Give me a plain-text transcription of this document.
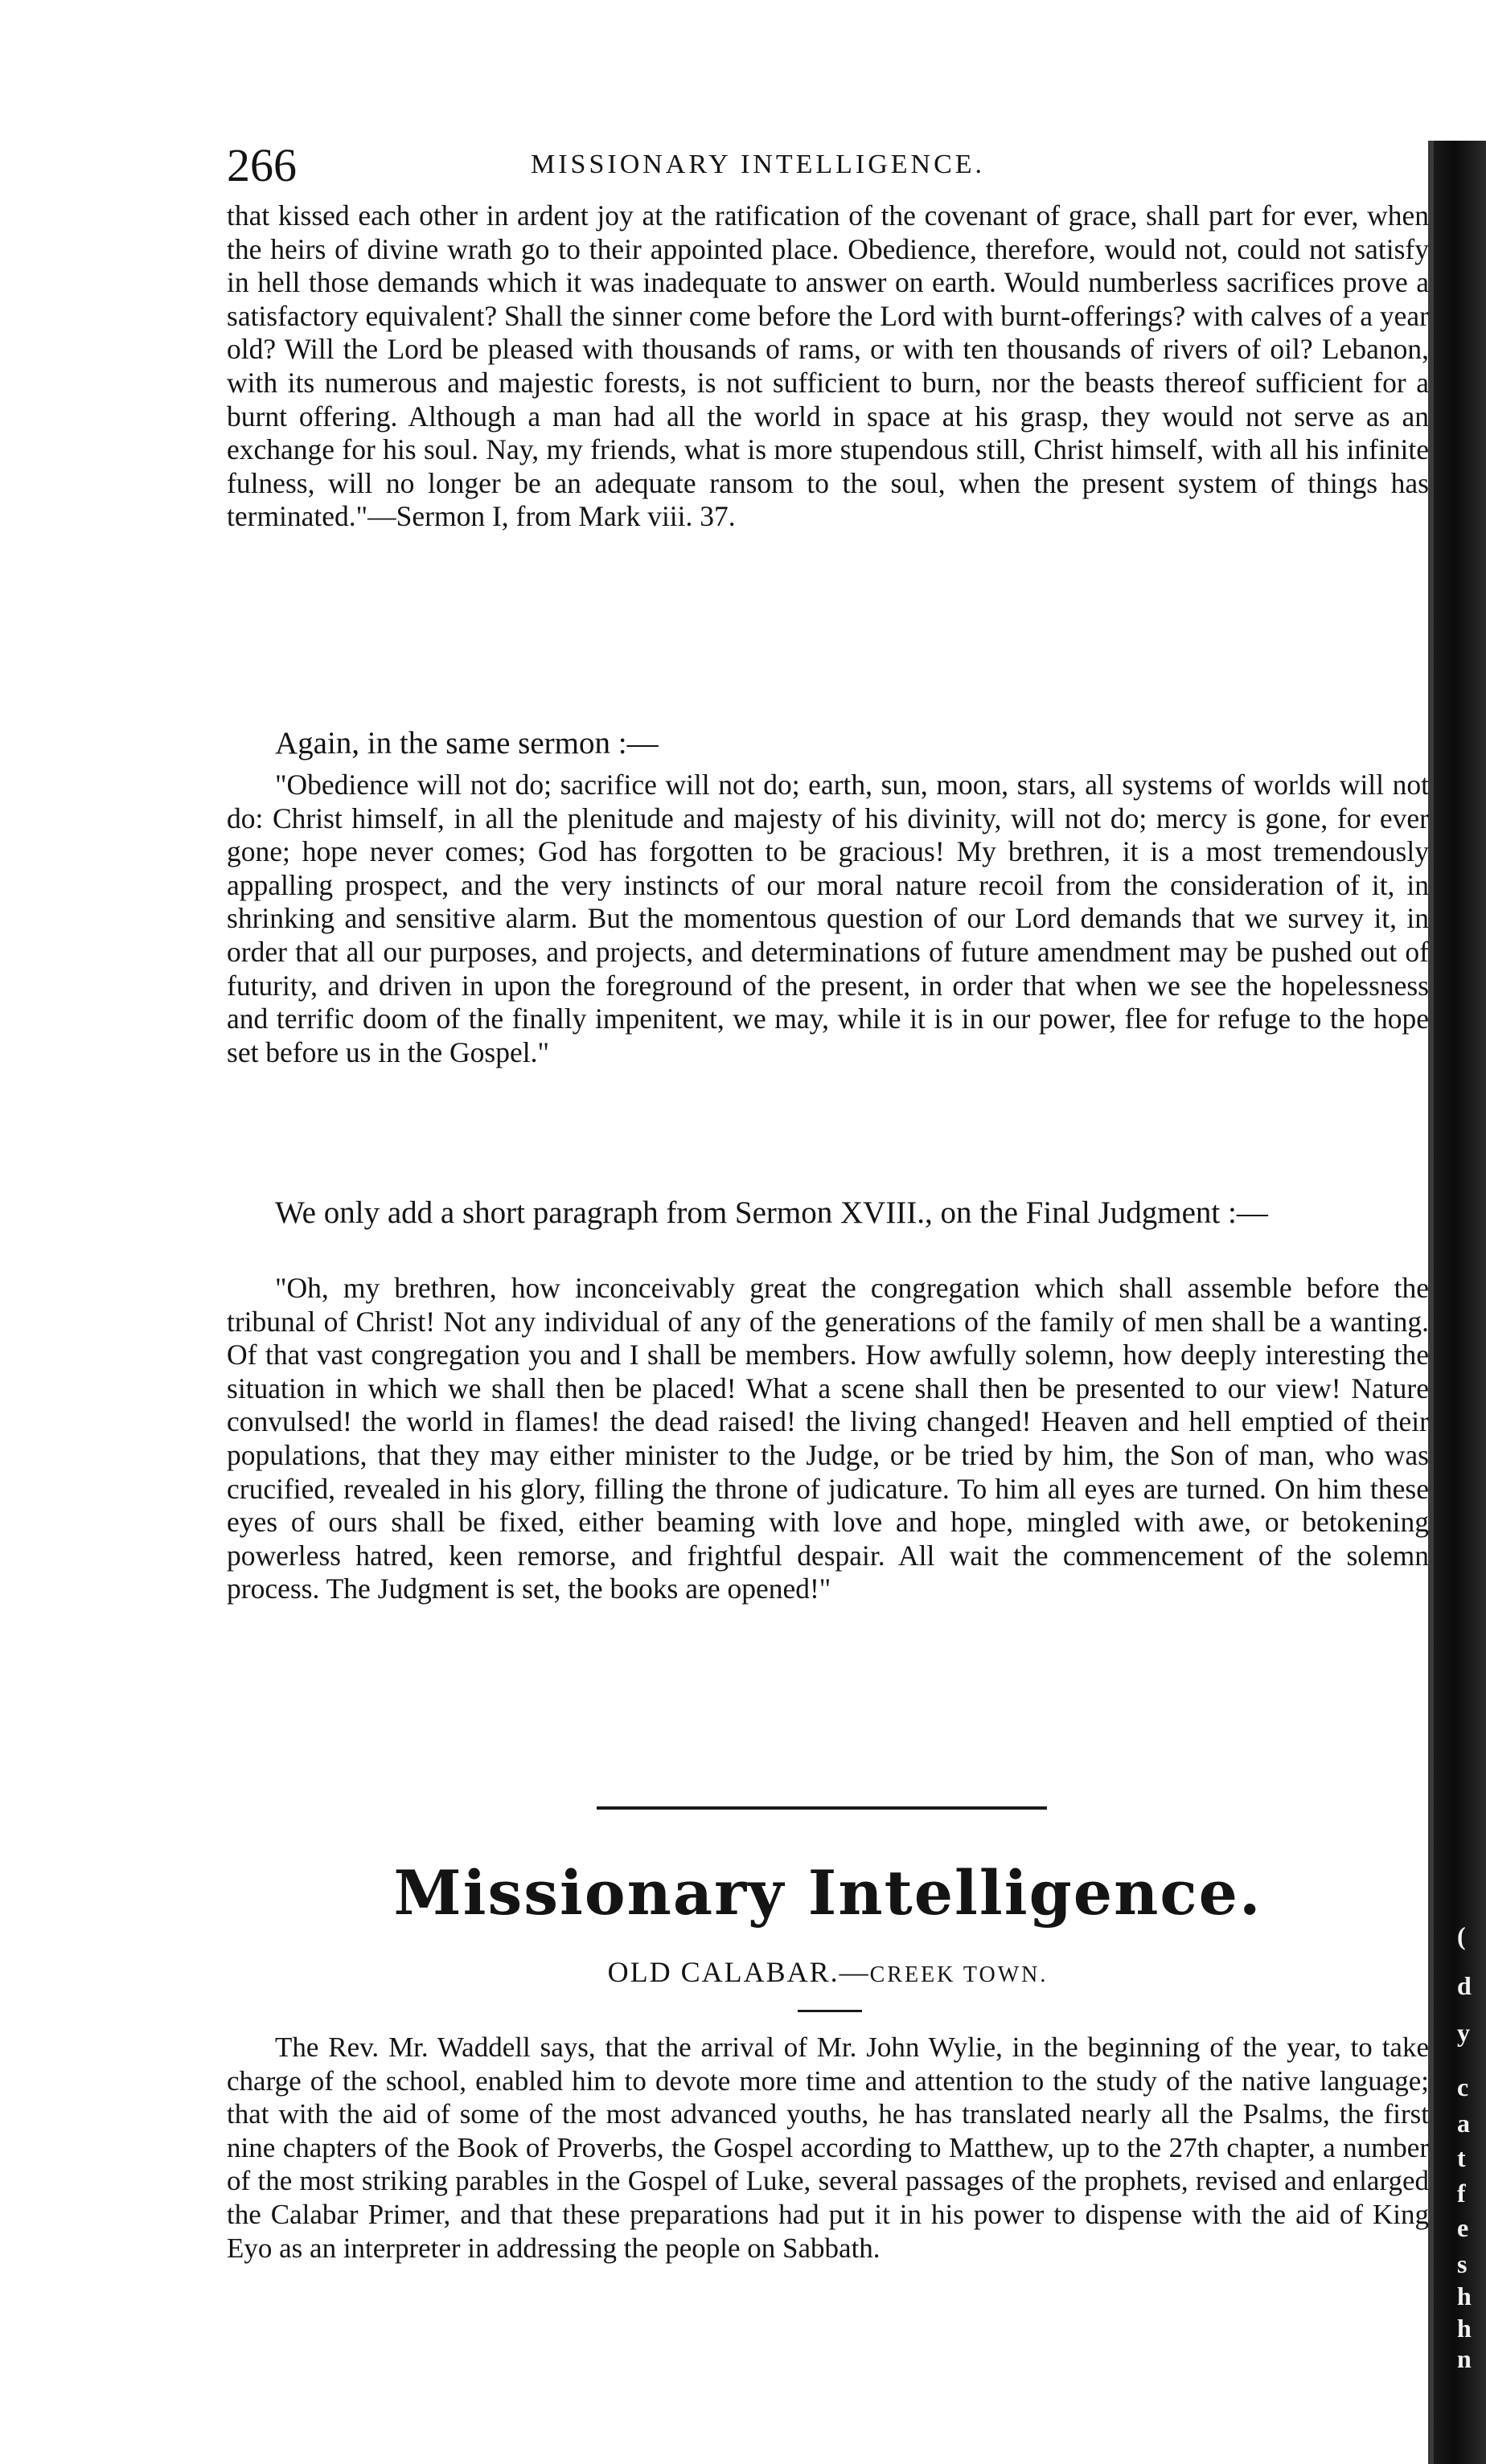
(
d
y
c
a
t
f
e
s
h
h
n
266	MISSIONARY INTELLIGENCE.

that kissed each other in ardent joy at the ratification of the covenant of grace, shall part for ever, when the heirs of divine wrath go to their appointed place. Obedience, therefore, would not, could not satisfy in hell those demands which it was inadequate to answer on earth. Would numberless sacrifices prove a satisfactory equivalent? Shall the sinner come before the Lord with burnt-offerings? with calves of a year old? Will the Lord be pleased with thousands of rams, or with ten thousands of rivers of oil? Lebanon, with its numerous and majestic forests, is not sufficient to burn, nor the beasts thereof sufficient for a burnt offering. Although a man had all the world in space at his grasp, they would not serve as an exchange for his soul. Nay, my friends, what is more stupendous still, Christ himself, with all his infinite fulness, will no longer be an adequate ransom to the soul, when the present system of things has terminated."—Sermon I, from Mark viii. 37.

Again, in the same sermon :—

"Obedience will not do; sacrifice will not do; earth, sun, moon, stars, all systems of worlds will not do: Christ himself, in all the plenitude and majesty of his divinity, will not do; mercy is gone, for ever gone; hope never comes; God has forgotten to be gracious! My brethren, it is a most tremendously appalling prospect, and the very instincts of our moral nature recoil from the consideration of it, in shrinking and sensitive alarm. But the momentous question of our Lord demands that we survey it, in order that all our purposes, and projects, and determinations of future amendment may be pushed out of futurity, and driven in upon the foreground of the present, in order that when we see the hopelessness and terrific doom of the finally impenitent, we may, while it is in our power, flee for refuge to the hope set before us in the Gospel."

We only add a short paragraph from Sermon XVIII., on the Final Judgment :—

"Oh, my brethren, how inconceivably great the congregation which shall assemble before the tribunal of Christ! Not any individual of any of the generations of the family of men shall be a wanting. Of that vast congregation you and I shall be members. How awfully solemn, how deeply interesting the situation in which we shall then be placed! What a scene shall then be presented to our view! Nature convulsed! the world in flames! the dead raised! the living changed! Heaven and hell emptied of their populations, that they may either minister to the Judge, or be tried by him, the Son of man, who was crucified, revealed in his glory, filling the throne of judicature. To him all eyes are turned. On him these eyes of ours shall be fixed, either beaming with love and hope, mingled with awe, or betokening powerless hatred, keen remorse, and frightful despair. All wait the commencement of the solemn process. The Judgment is set, the books are opened!"

Missionary Intelligence.
OLD CALABAR.—CREEK TOWN.

The Rev. Mr. Waddell says, that the arrival of Mr. John Wylie, in the beginning of the year, to take charge of the school, enabled him to devote more time and attention to the study of the native language; that with the aid of some of the most advanced youths, he has translated nearly all the Psalms, the first nine chapters of the Book of Proverbs, the Gospel according to Matthew, up to the 27th chapter, a number of the most striking parables in the Gospel of Luke, several passages of the prophets, revised and enlarged the Calabar Primer, and that these preparations had put it in his power to dispense with the aid of King Eyo as an interpreter in addressing the people on Sabbath.
